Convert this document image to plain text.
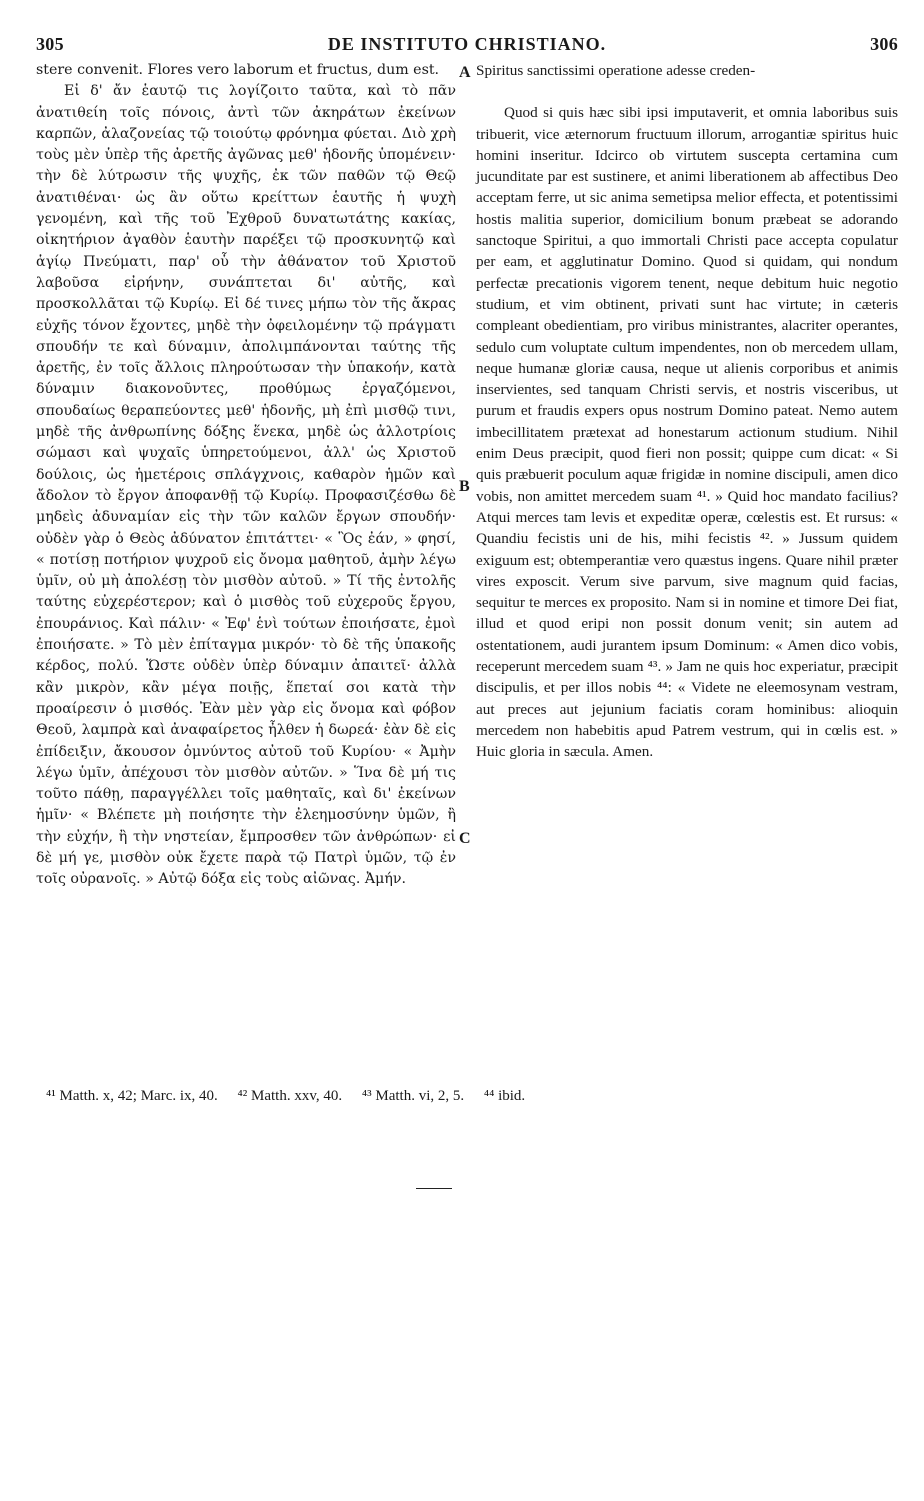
305	DE INSTITUTO CHRISTIANO.	306

stere convenit. Flores vero laborum et fructus, dum est.

Εἰ δ' ἄν ἑαυτῷ τις λογίζοιτο ταῦτα, καὶ τὸ πᾶν ἀνατιθείη τοῖς πόνοις, ἀντὶ τῶν ἀκηράτων ἐκείνων καρπῶν, ἀλαζονείας τῷ τοιούτῳ φρόνημα φύεται. Διὸ χρὴ τοὺς μὲν ὑπὲρ τῆς ἀρετῆς ἀγῶνας μεθ' ἡδονῆς ὑπομένειν· τὴν δὲ λύτρωσιν τῆς ψυχῆς, ἐκ τῶν παθῶν τῷ Θεῷ ἀνατιθέναι· ὡς ἂν οὕτω κρείττων ἑαυτῆς ἡ ψυχὴ γενομένη, καὶ τῆς τοῦ Ἐχθροῦ δυνατωτάτης κακίας, οἰκητήριον ἀγαθὸν ἑαυτὴν παρέξει τῷ προσκυνητῷ καὶ ἁγίῳ Πνεύματι, παρ' οὗ τὴν ἀθάνατον τοῦ Χριστοῦ λαβοῦσα εἰρήνην, συνάπτεται δι' αὐτῆς, καὶ προσκολλᾶται τῷ Κυρίῳ. Εἰ δέ τινες μήπω τὸν τῆς ἄκρας εὐχῆς τόνον ἔχοντες, μηδὲ τὴν ὀφειλομένην τῷ πράγματι σπουδήν τε καὶ δύναμιν, ἀπολιμπάνονται ταύτης τῆς ἀρετῆς, ἐν τοῖς ἄλλοις πληρούτωσαν τὴν ὑπακοήν, κατὰ δύναμιν διακονοῦντες, προθύμως ἐργαζόμενοι, σπουδαίως θεραπεύοντες μεθ' ἡδονῆς, μὴ ἐπὶ μισθῷ τινι, μηδὲ τῆς ἀνθρωπίνης δόξης ἕνεκα, μηδὲ ὡς ἀλλοτρίοις σώμασι καὶ ψυχαῖς ὑπηρετούμενοι, ἀλλ' ὡς Χριστοῦ δούλοις, ὡς ἡμετέροις σπλάγχνοις, καθαρὸν ἡμῶν καὶ ἄδολον τὸ ἔργον ἀποφανθῇ τῷ Κυρίῳ. Προφασιζέσθω δὲ μηδεὶς ἀδυναμίαν εἰς τὴν τῶν καλῶν ἔργων σπουδήν· οὐδὲν γὰρ ὁ Θεὸς ἀδύνατον ἐπιτάττει· « Ὃς ἐάν, » φησί, « ποτίσῃ ποτήριον ψυχροῦ εἰς ὄνομα μαθητοῦ, ἀμὴν λέγω ὑμῖν, οὐ μὴ ἀπολέσῃ τὸν μισθὸν αὐτοῦ. » Τί τῆς ἐντολῆς ταύτης εὐχερέστερον; καὶ ὁ μισθὸς τοῦ εὐχεροῦς ἔργου, ἐπουράνιος. Καὶ πάλιν· « Ἐφ' ἑνὶ τούτων ἐποιήσατε, ἐμοὶ ἐποιήσατε. » Τὸ μὲν ἐπίταγμα μικρόν· τὸ δὲ τῆς ὑπακοῆς κέρδος, πολύ. Ὥστε οὐδὲν ὑπὲρ δύναμιν ἀπαιτεῖ· ἀλλὰ κἂν μικρὸν, κἂν μέγα ποιῇς, ἕπεταί σοι κατὰ τὴν προαίρεσιν ὁ μισθός. Ἐὰν μὲν γὰρ εἰς ὄνομα καὶ φόβον Θεοῦ, λαμπρὰ καὶ ἀναφαίρετος ἦλθεν ἡ δωρεά· ἐὰν δὲ εἰς ἐπίδειξιν, ἄκουσον ὀμνύντος αὐτοῦ τοῦ Κυρίου· « Ἀμὴν λέγω ὑμῖν, ἀπέχουσι τὸν μισθὸν αὐτῶν. » Ἵνα δὲ μή τις τοῦτο πάθῃ, παραγγέλλει τοῖς μαθηταῖς, καὶ δι' ἐκείνων ἡμῖν· « Βλέπετε μὴ ποιήσητε τὴν ἐλεημοσύνην ὑμῶν, ἢ τὴν εὐχήν, ἢ τὴν νηστείαν, ἔμπροσθεν τῶν ἀνθρώπων· εἰ δὲ μή γε, μισθὸν οὐκ ἔχετε παρὰ τῷ Πατρὶ ὑμῶν, τῷ ἐν τοῖς οὐρανοῖς. » Αὐτῷ δόξα εἰς τοὺς αἰῶνας. Ἀμήν.

A
B
C

Spiritus sanctissimi operatione adesse creden-

Quod si quis hæc sibi ipsi imputaverit, et omnia laboribus suis tribuerit, vice æternorum fructuum illorum, arrogantiæ spiritus huic homini inseritur. Idcirco ob virtutem suscepta certamina cum jucunditate par est sustinere, et animi liberationem ab affectibus Deo acceptam ferre, ut sic anima semetipsa melior effecta, et potentissimi hostis malitia superior, domicilium bonum præbeat se adorando sanctoque Spiritui, a quo immortali Christi pace accepta copulatur per eam, et agglutinatur Domino. Quod si quidam, qui nondum perfectæ precationis vigorem tenent, neque debitum huic negotio studium, et vim obtinent, privati sunt hac virtute; in cæteris compleant obedientiam, pro viribus ministrantes, alacriter operantes, sedulo cum voluptate cultum impendentes, non ob mercedem ullam, neque humanæ gloriæ causa, neque ut alienis corporibus et animis inservientes, sed tanquam Christi servis, et nostris visceribus, ut purum et fraudis expers opus nostrum Domino pateat. Nemo autem imbecillitatem prætexat ad honestarum actionum studium. Nihil enim Deus præcipit, quod fieri non possit; quippe cum dicat: « Si quis præbuerit poculum aquæ frigidæ in nomine discipuli, amen dico vobis, non amittet mercedem suam ⁴¹. » Quid hoc mandato facilius? Atqui merces tam levis et expeditæ operæ, cœlestis est. Et rursus: « Quandiu fecistis uni de his, mihi fecistis ⁴². » Jussum quidem exiguum est; obtemperantiæ vero quæstus ingens. Quare nihil præter vires exposcit. Verum sive parvum, sive magnum quid facias, sequitur te merces ex proposito. Nam si in nomine et timore Dei fiat, illud et quod eripi non possit donum venit; sin autem ad ostentationem, audi jurantem ipsum Dominum: « Amen dico vobis, receperunt mercedem suam ⁴³. » Jam ne quis hoc experiatur, præcipit discipulis, et per illos nobis ⁴⁴: « Videte ne eleemosynam vestram, aut preces aut jejunium faciatis coram hominibus: alioquin mercedem non habebitis apud Patrem vestrum, qui in cœlis est. » Huic gloria in sæcula. Amen.

⁴¹ Matth. x, 42; Marc. ix, 40. ⁴² Matth. xxv, 40. ⁴³ Matth. vi, 2, 5. ⁴⁴ ibid.
